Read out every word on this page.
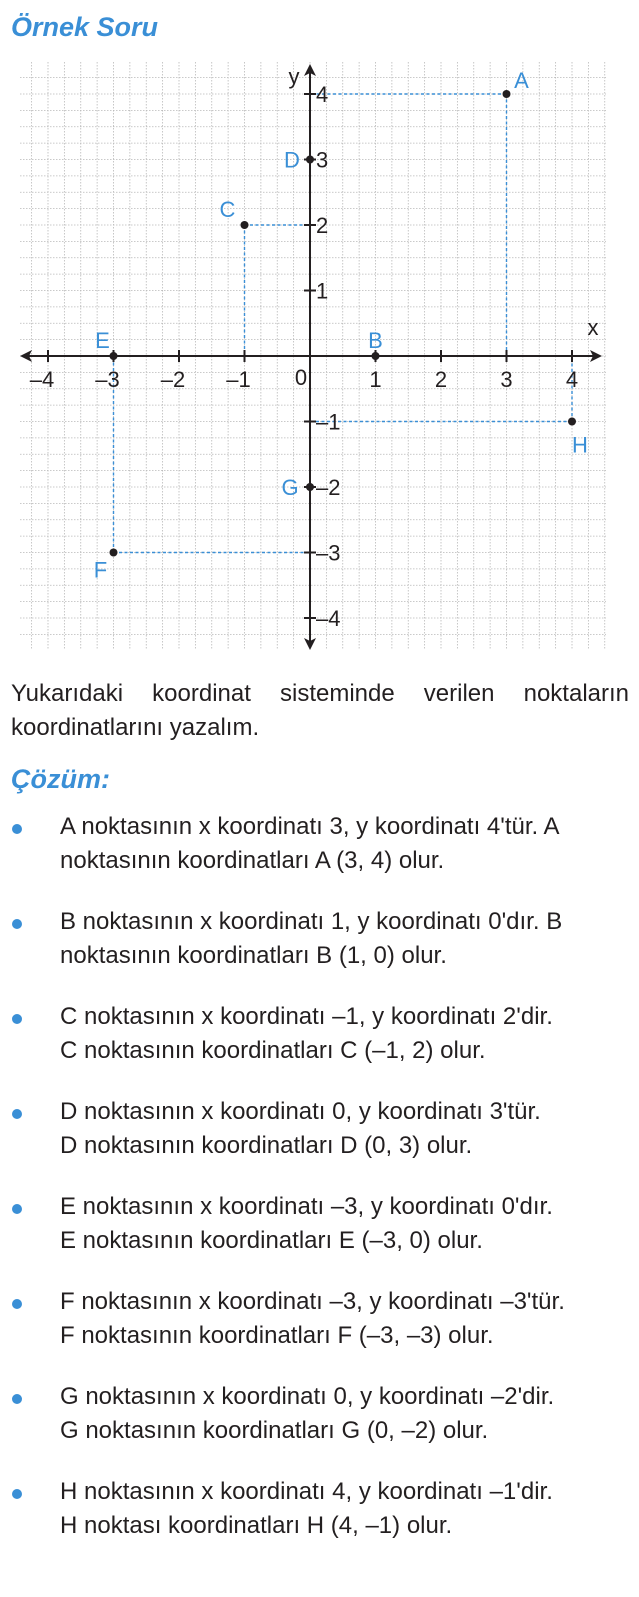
Örnek Soru
x
y
0
–4 –3 –2 –1	1 2 3 4
4
3
2
1
–1
–2
–3
–4
A
B
C
D
E
F
G
H

Yukarıdaki koordinat sisteminde verilen noktaların koordinatlarını yazalım.

Çözüm:
A noktasının x koordinatı 3, y koordinatı 4'tür. A
noktasının koordinatları A (3, 4) olur.
B noktasının x koordinatı 1, y koordinatı 0'dır. B
noktasının koordinatları B (1, 0) olur.
C noktasının x koordinatı –1, y koordinatı 2'dir.
C noktasının koordinatları C (–1, 2) olur.
D noktasının x koordinatı 0, y koordinatı 3'tür.
D noktasının koordinatları D (0, 3) olur.
E noktasının x koordinatı –3, y koordinatı 0'dır.
E noktasının koordinatları E (–3, 0) olur.
F noktasının x koordinatı –3, y koordinatı –3'tür.
F noktasının koordinatları F (–3, –3) olur.
G noktasının x koordinatı 0, y koordinatı –2'dir.
G noktasının koordinatları G (0, –2) olur.
H noktasının x koordinatı 4, y koordinatı –1'dir.
H noktası koordinatları H (4, –1) olur.
